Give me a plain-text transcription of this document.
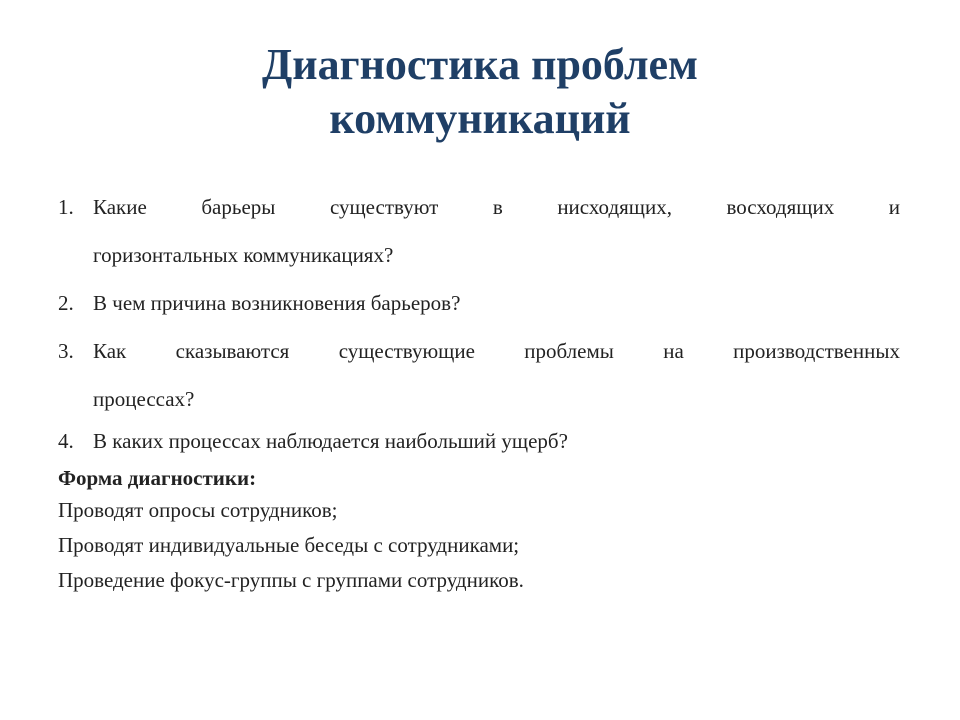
Диагностика проблем
коммуникаций
1. Какие барьеры существуют в нисходящих, восходящих и
горизонтальных коммуникациях?
2. В чем причина возникновения барьеров?
3. Как сказываются существующие проблемы на производственных
процессах?
4. В каких процессах наблюдается наибольший ущерб?
Форма диагностики:
Проводят опросы сотрудников;
Проводят индивидуальные беседы с сотрудниками;
Проведение фокус-группы с группами сотрудников.
